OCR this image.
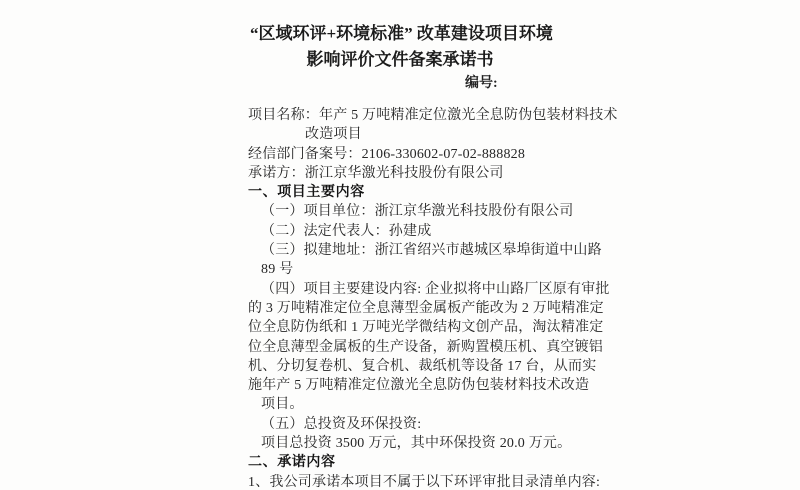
“区域环评+环境标准” 改革建设项目环境
影响评价文件备案承诺书
编号:
项目名称：年产 5 万吨精准定位激光全息防伪包装材料技术
改造项目
经信部门备案号：2106-330602-07-02-888828
承诺方：浙江京华激光科技股份有限公司
一、项目主要内容
（一）项目单位：浙江京华激光科技股份有限公司
（二）法定代表人：孙建成
（三）拟建地址：浙江省绍兴市越城区皋埠街道中山路
89 号
（四）项目主要建设内容: 企业拟将中山路厂区原有审批
的 3 万吨精准定位全息薄型金属板产能改为 2 万吨精准定
位全息防伪纸和 1 万吨光学微结构文创产品，淘汰精准定
位全息薄型金属板的生产设备，新购置模压机、真空镀铝
机、分切复卷机、复合机、裁纸机等设备 17 台，从而实
施年产 5 万吨精准定位激光全息防伪包装材料技术改造
项目。
（五）总投资及环保投资:
项目总投资 3500 万元，其中环保投资 20.0 万元。
二、承诺内容
1、我公司承诺本项目不属于以下环评审批目录清单内容:
